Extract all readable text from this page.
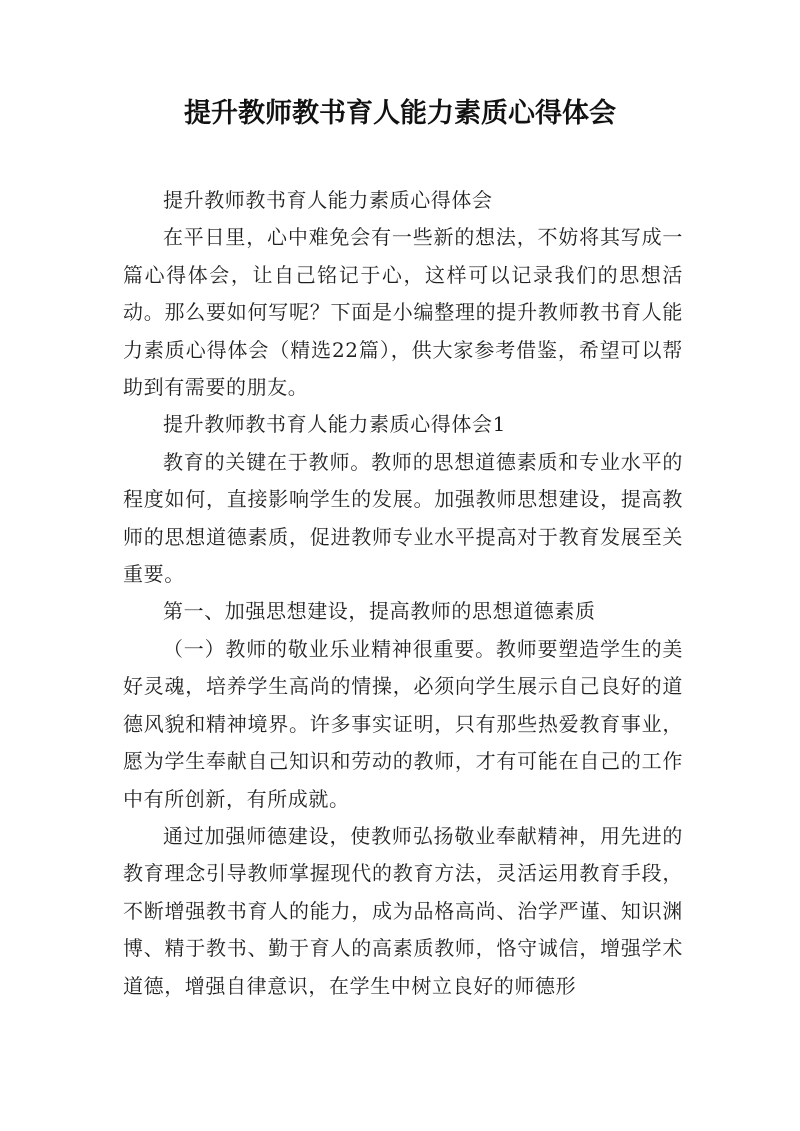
提升教师教书育人能力素质心得体会

提升教师教书育人能力素质心得体会

在平日里，心中难免会有一些新的想法，不妨将其写成一篇心得体会，让自己铭记于心，这样可以记录我们的思想活动。那么要如何写呢？下面是小编整理的提升教师教书育人能力素质心得体会（精选22篇），供大家参考借鉴，希望可以帮助到有需要的朋友。

提升教师教书育人能力素质心得体会1

教育的关键在于教师。教师的思想道德素质和专业水平的程度如何，直接影响学生的发展。加强教师思想建设，提高教师的思想道德素质，促进教师专业水平提高对于教育发展至关重要。

第一、加强思想建设，提高教师的思想道德素质

（一）教师的敬业乐业精神很重要。教师要塑造学生的美好灵魂，培养学生高尚的情操，必须向学生展示自己良好的道德风貌和精神境界。许多事实证明，只有那些热爱教育事业，愿为学生奉献自己知识和劳动的教师，才有可能在自己的工作中有所创新，有所成就。

通过加强师德建设，使教师弘扬敬业奉献精神，用先进的教育理念引导教师掌握现代的教育方法，灵活运用教育手段，不断增强教书育人的能力，成为品格高尚、治学严谨、知识渊博、精于教书、勤于育人的高素质教师，恪守诚信，增强学术道德，增强自律意识，在学生中树立良好的师德形
